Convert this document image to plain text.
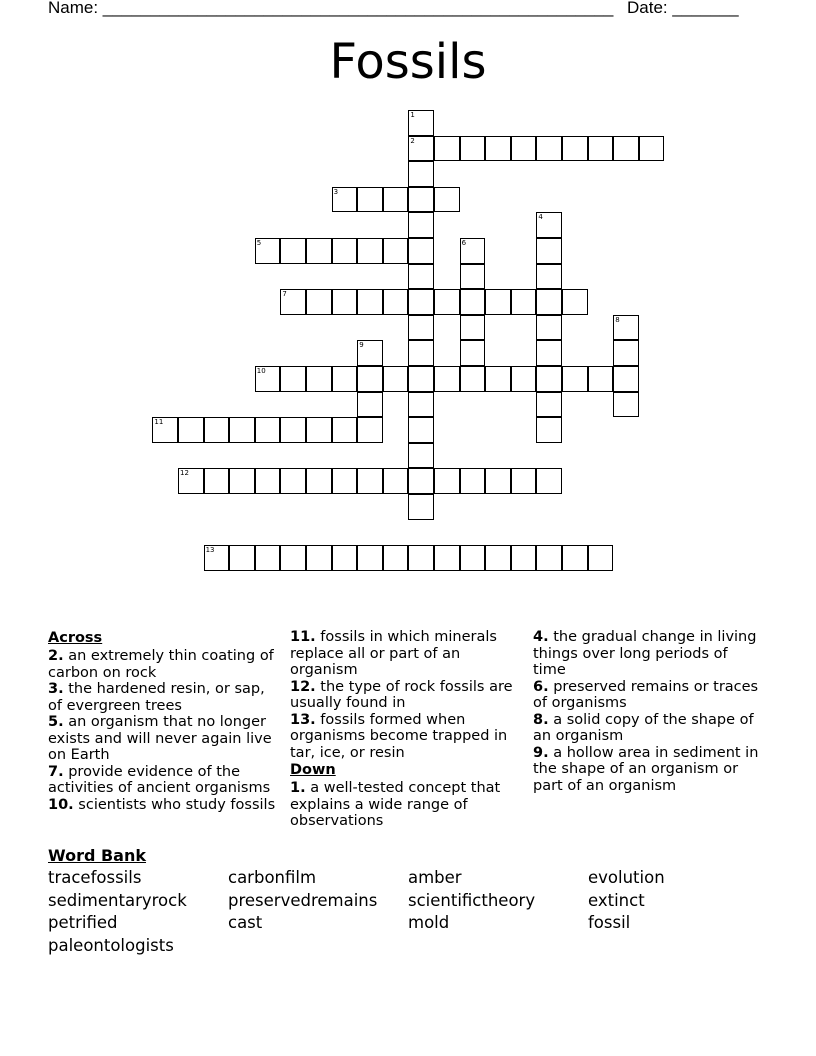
Name: ______________________________________________________ Date: _______
Fossils
1
2
3
4
5	6
7
8
9
10
11
12
13
Across
2. an extremely thin coating of carbon on rock
3. the hardened resin, or sap, of evergreen trees
5. an organism that no longer exists and will never again live on Earth
7. provide evidence of the activities of ancient organisms
10. scientists who study fossils
11. fossils in which minerals replace all or part of an organism
12. the type of rock fossils are usually found in
13. fossils formed when organisms become trapped in tar, ice, or resin
Down
1. a well-tested concept that explains a wide range of observations
4. the gradual change in living things over long periods of time
6. preserved remains or traces of organisms
8. a solid copy of the shape of an organism
9. a hollow area in sediment in the shape of an organism or part of an organism
Word Bank
tracefossils	carbonfilm	amber	evolution
sedimentaryrock preservedremains scientifictheory	extinct
petrified	cast	mold	fossil
paleontologists
